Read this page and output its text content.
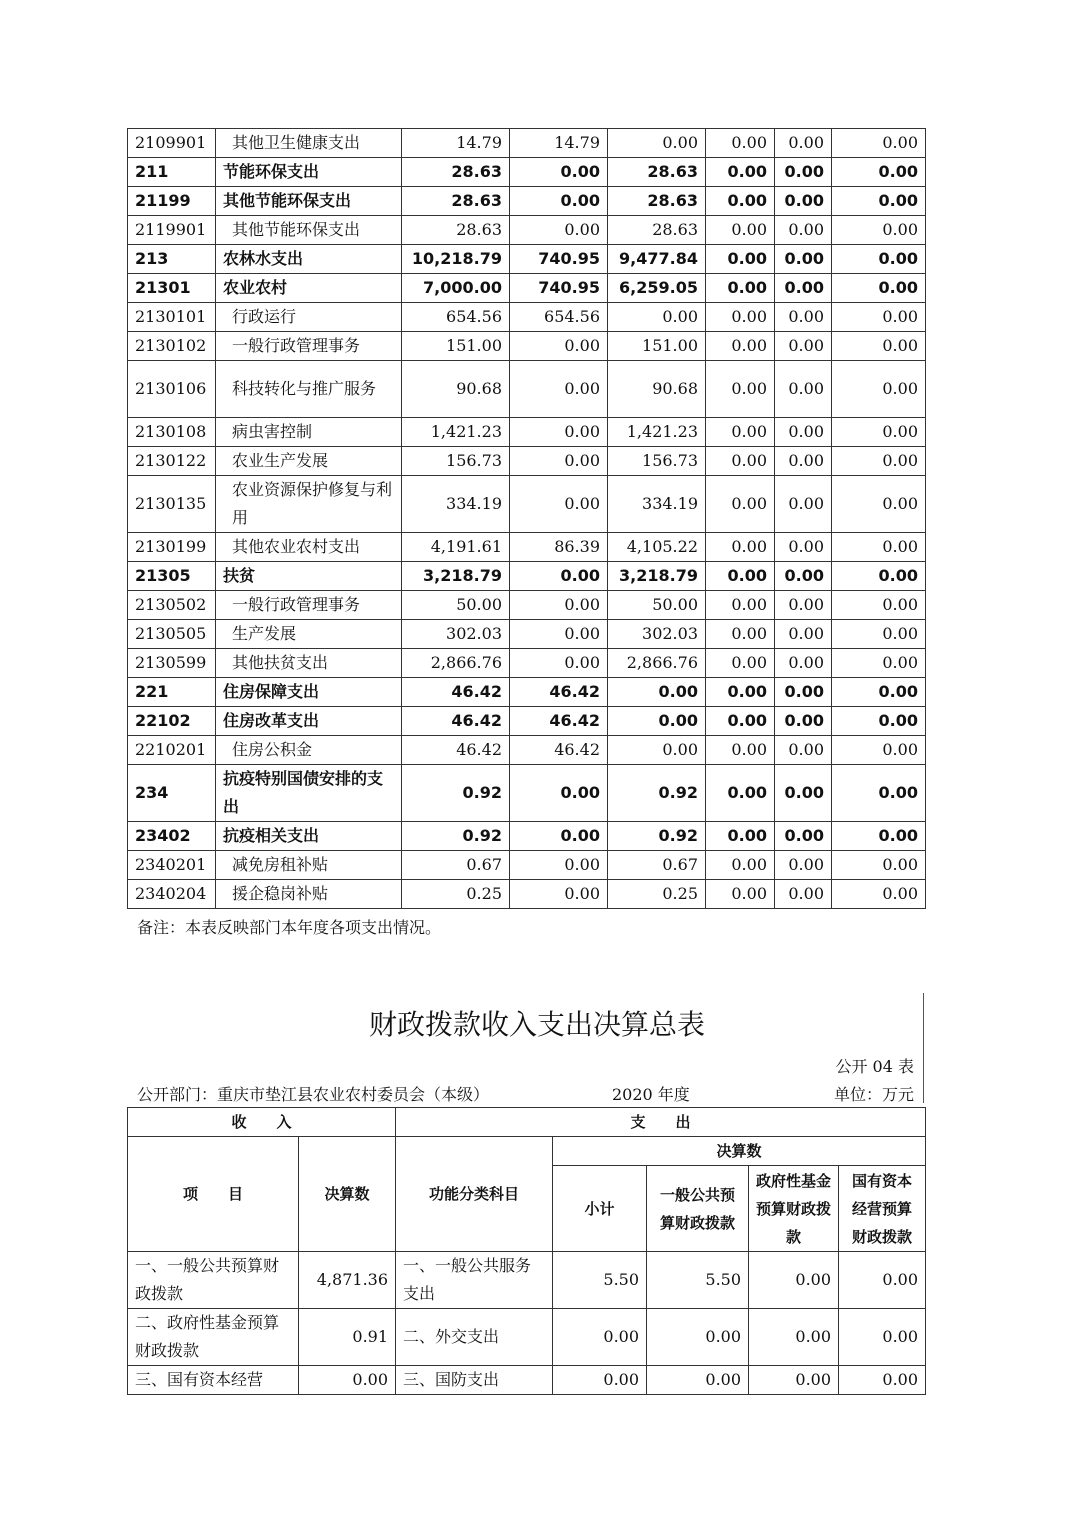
2109901	其他卫生健康支出	14.79	14.79	0.00	0.00	0.00	0.00
211	节能环保支出	28.63	0.00	28.63	0.00	0.00	0.00
21199	其他节能环保支出	28.63	0.00	28.63	0.00	0.00	0.00
2119901	其他节能环保支出	28.63	0.00	28.63	0.00	0.00	0.00
213	农林水支出	10,218.79	740.95	9,477.84	0.00	0.00	0.00
21301	农业农村	7,000.00	740.95	6,259.05	0.00	0.00	0.00
2130101	行政运行	654.56	654.56	0.00	0.00	0.00	0.00
2130102	一般行政管理事务	151.00	0.00	151.00	0.00	0.00	0.00
2130106	科技转化与推广服务	90.68	0.00	90.68	0.00	0.00	0.00
2130108	病虫害控制	1,421.23	0.00	1,421.23	0.00	0.00	0.00
2130122	农业生产发展	156.73	0.00	156.73	0.00	0.00	0.00
2130135	农业资源保护修复与利用	334.19	0.00	334.19	0.00	0.00	0.00
2130199	其他农业农村支出	4,191.61	86.39	4,105.22	0.00	0.00	0.00
21305	扶贫	3,218.79	0.00	3,218.79	0.00	0.00	0.00
2130502	一般行政管理事务	50.00	0.00	50.00	0.00	0.00	0.00
2130505	生产发展	302.03	0.00	302.03	0.00	0.00	0.00
2130599	其他扶贫支出	2,866.76	0.00	2,866.76	0.00	0.00	0.00
221	住房保障支出	46.42	46.42	0.00	0.00	0.00	0.00
22102	住房改革支出	46.42	46.42	0.00	0.00	0.00	0.00
2210201	住房公积金	46.42	46.42	0.00	0.00	0.00	0.00
234	抗疫特别国债安排的支出	0.92	0.00	0.92	0.00	0.00	0.00
23402	抗疫相关支出	0.92	0.00	0.92	0.00	0.00	0.00
2340201	减免房租补贴	0.67	0.00	0.67	0.00	0.00	0.00
2340204	援企稳岗补贴	0.25	0.00	0.25	0.00	0.00	0.00
备注：本表反映部门本年度各项支出情况。
财政拨款收入支出决算总表
公开 04 表
公开部门：重庆市垫江县农业农村委员会（本级）	2020 年度	单位：万元
收　　入		支　　出				
项　　目	决算数	功能分类科目	决算数			
			小计	一般公共预算财政拨款	政府性基金预算财政拨款	国有资本经营预算财政拨款
一、一般公共预算财政拨款	4,871.36	一、一般公共服务支出	5.50	5.50	0.00	0.00
二、政府性基金预算财政拨款	0.91	二、外交支出	0.00	0.00	0.00	0.00
三、国有资本经营	0.00	三、国防支出	0.00	0.00	0.00	0.00
